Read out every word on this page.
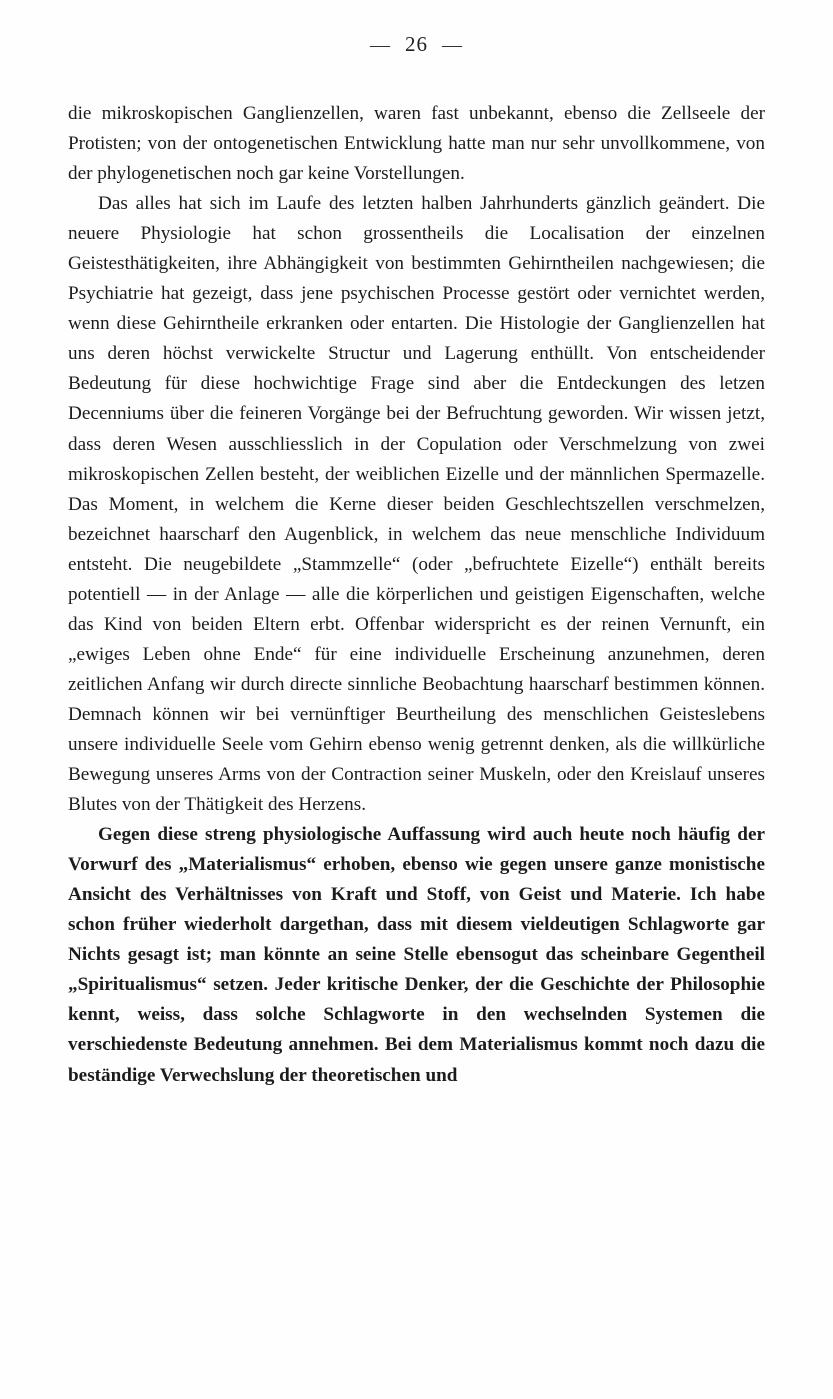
— 26 —

die mikroskopischen Ganglienzellen, waren fast unbekannt, ebenso die Zellseele der Protisten; von der ontogenetischen Entwicklung hatte man nur sehr unvollkommene, von der phylogenetischen noch gar keine Vorstellungen.

Das alles hat sich im Laufe des letzten halben Jahrhunderts gänzlich geändert. Die neuere Physiologie hat schon grossentheils die Localisation der einzelnen Geistesthätigkeiten, ihre Abhängigkeit von bestimmten Gehirntheilen nachgewiesen; die Psychiatrie hat gezeigt, dass jene psychischen Processe gestört oder vernichtet werden, wenn diese Gehirntheile erkranken oder entarten. Die Histologie der Ganglienzellen hat uns deren höchst verwickelte Structur und Lagerung enthüllt. Von entscheidender Bedeutung für diese hochwichtige Frage sind aber die Entdeckungen des letzen Decenniums über die feineren Vorgänge bei der Befruchtung geworden. Wir wissen jetzt, dass deren Wesen ausschliesslich in der Copulation oder Verschmelzung von zwei mikroskopischen Zellen besteht, der weiblichen Eizelle und der männlichen Spermazelle. Das Moment, in welchem die Kerne dieser beiden Geschlechtszellen verschmelzen, bezeichnet haarscharf den Augenblick, in welchem das neue menschliche Individuum entsteht. Die neugebildete „Stammzelle“ (oder „befruchtete Eizelle“) enthält bereits potentiell — in der Anlage — alle die körperlichen und geistigen Eigenschaften, welche das Kind von beiden Eltern erbt. Offenbar widerspricht es der reinen Vernunft, ein „ewiges Leben ohne Ende“ für eine individuelle Erscheinung anzunehmen, deren zeitlichen Anfang wir durch directe sinnliche Beobachtung haarscharf bestimmen können. Demnach können wir bei vernünftiger Beurtheilung des menschlichen Geisteslebens unsere individuelle Seele vom Gehirn ebenso wenig getrennt denken, als die willkürliche Bewegung unseres Arms von der Contraction seiner Muskeln, oder den Kreislauf unseres Blutes von der Thätigkeit des Herzens.

Gegen diese streng physiologische Auffassung wird auch heute noch häufig der Vorwurf des „Materialismus“ erhoben, ebenso wie gegen unsere ganze monistische Ansicht des Verhältnisses von Kraft und Stoff, von Geist und Materie. Ich habe schon früher wiederholt dargethan, dass mit diesem vieldeutigen Schlagworte gar Nichts gesagt ist; man könnte an seine Stelle ebensogut das scheinbare Gegentheil „Spiritualismus“ setzen. Jeder kritische Denker, der die Geschichte der Philosophie kennt, weiss, dass solche Schlagworte in den wechselnden Systemen die verschiedenste Bedeutung annehmen. Bei dem Materialismus kommt noch dazu die beständige Verwechslung der theoretischen und
